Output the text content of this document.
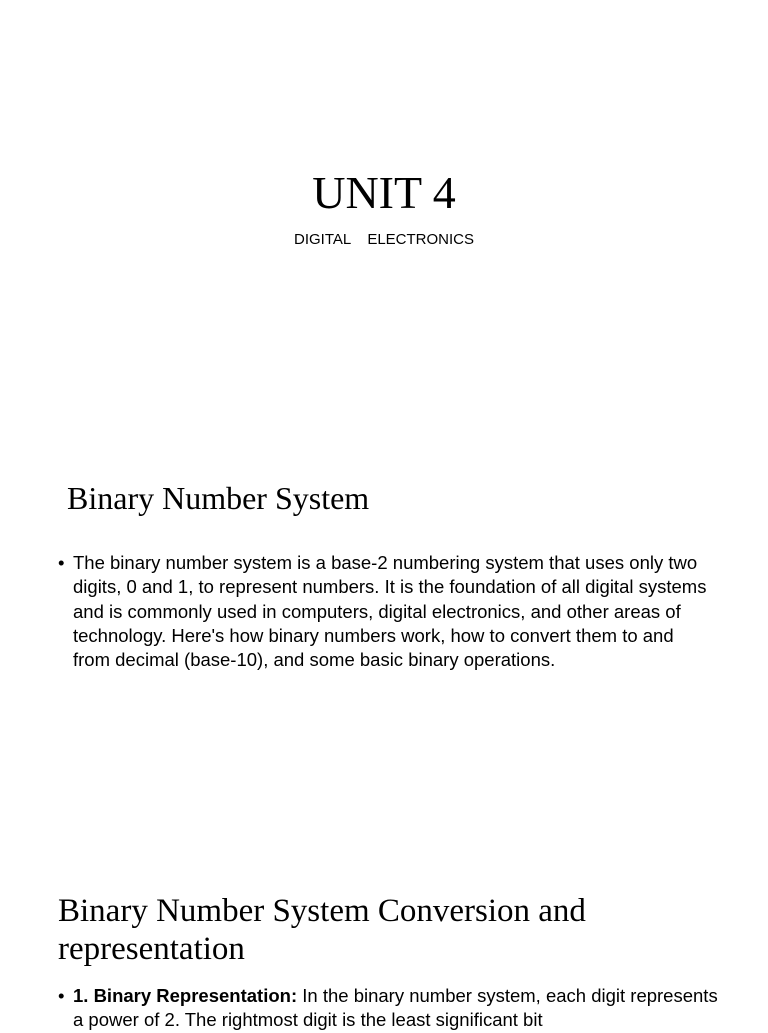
UNIT 4

DIGITAL    ELECTRONICS

Binary Number System
• The binary number system is a base-2 numbering system that uses only two digits, 0 and 1, to represent numbers. It is the foundation of all digital systems and is commonly used in computers, digital electronics, and other areas of technology. Here's how binary numbers work, how to convert them to and from decimal (base-10), and some basic binary operations.
Binary Number System Conversion and representation
• 1. Binary Representation: In the binary number system, each digit represents a power of 2. The rightmost digit is the least significant bit
